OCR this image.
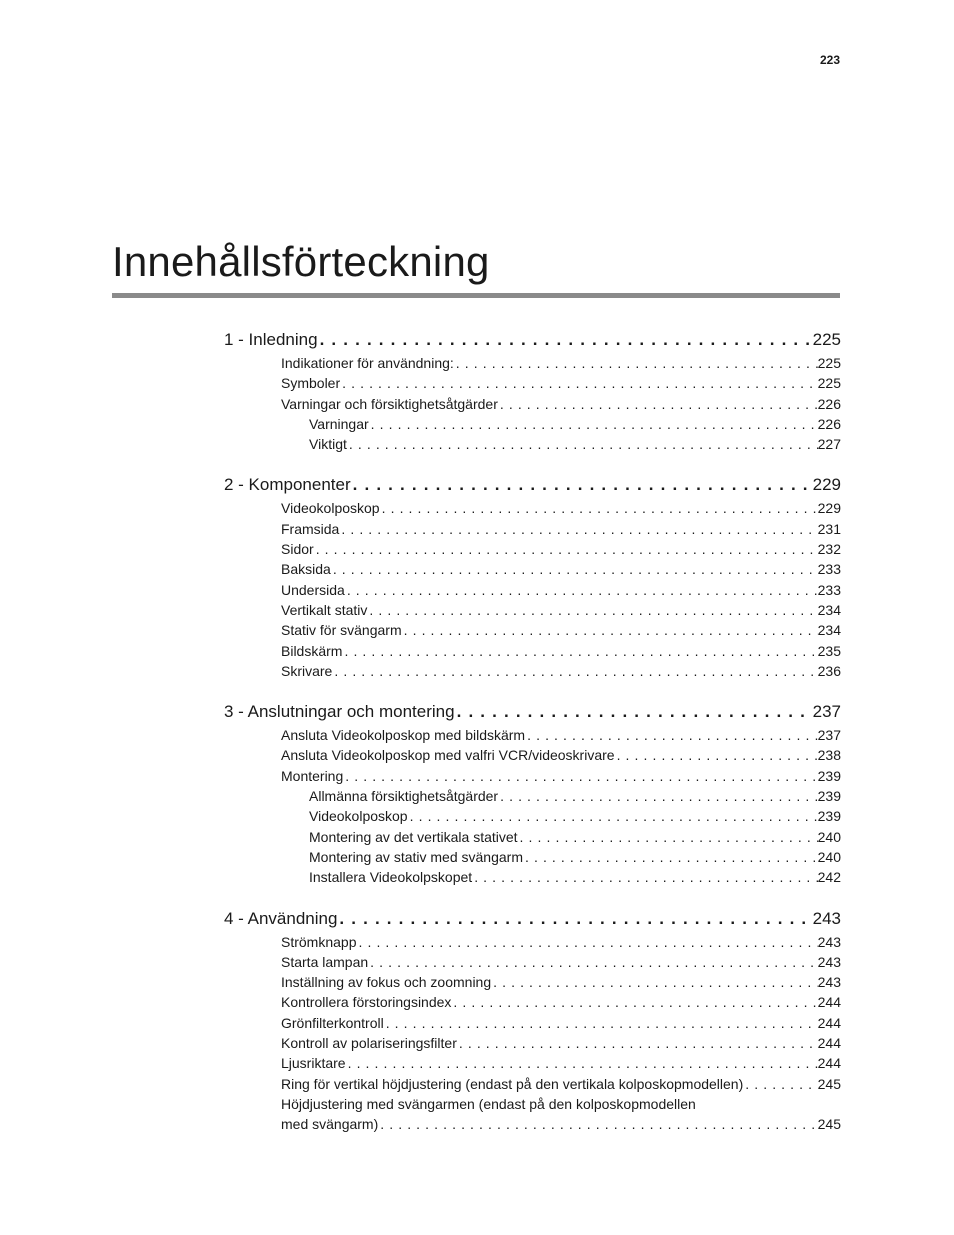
223
Innehållsförteckning
1 - Inledning . . .	225
Indikationer för användning: . . .	225
Symboler . . .	225
Varningar och försiktighetsåtgärder . . .	226
Varningar . . .	226
Viktigt . . .	227
2 - Komponenter . . .	229
Videokolposkop . . .	229
Framsida . . .	231
Sidor . . .	232
Baksida . . .	233
Undersida . . .	233
Vertikalt stativ . . .	234
Stativ för svängarm . . .	234
Bildskärm . . .	235
Skrivare . . .	236
3 - Anslutningar och montering . . .	237
Ansluta Videokolposkop med bildskärm . . .	237
Ansluta Videokolposkop med valfri VCR/videoskrivare . . .	238
Montering . . .	239
Allmänna försiktighetsåtgärder . . .	239
Videokolposkop . . .	239
Montering av det vertikala stativet . . .	240
Montering av stativ med svängarm . . .	240
Installera Videokolpskopet . . .	242
4 - Användning . . .	243
Strömknapp . . .	243
Starta lampan . . .	243
Inställning av fokus och zoomning . . .	243
Kontrollera förstoringsindex . . .	244
Grönfilterkontroll . . .	244
Kontroll av polariseringsfilter . . .	244
Ljusriktare . . .	244
Ring för vertikal höjdjustering (endast på den vertikala kolposkopmodellen) . . .	245
Höjdjustering med svängarmen (endast på den kolposkopmodellen
med svängarm) . . .	245
